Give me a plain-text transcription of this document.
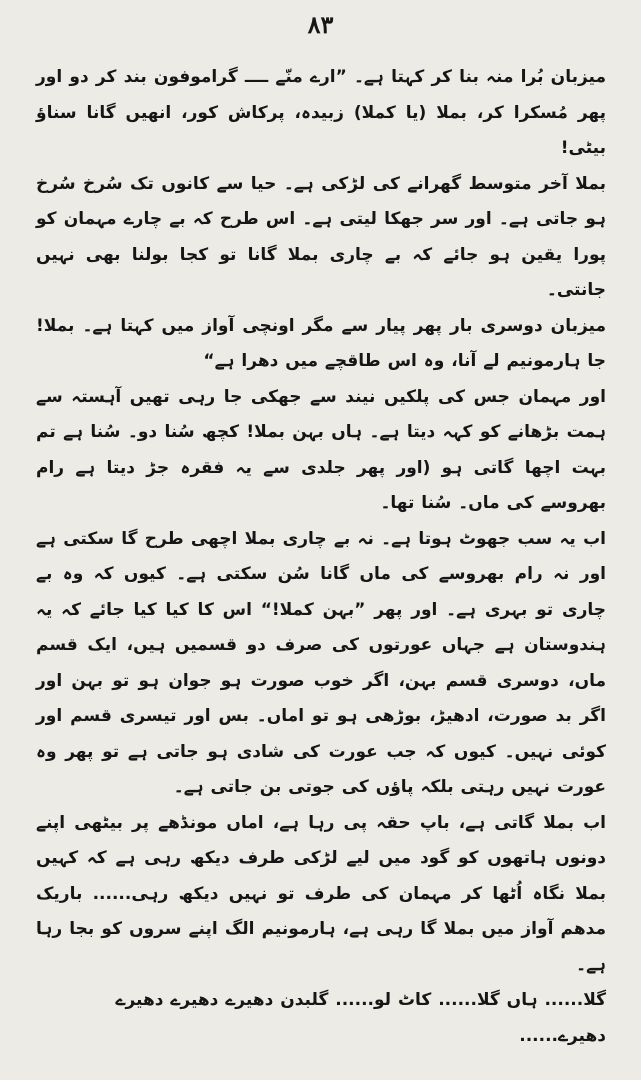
۸۳

میزبان بُرا منہ بنا کر کہتا ہے۔ ”ارے منّے ــــ گراموفون بند کر دو اور پھر مُسکرا کر، بملا (یا کملا) زبیدہ، پرکاش کور، انھیں گانا سناؤ بیٹی!

بملا آخر متوسط گھرانے کی لڑکی ہے۔ حیا سے کانوں تک سُرخ سُرخ ہو جاتی ہے۔ اور سر جھکا لیتی ہے۔ اس طرح کہ بے چارے مہمان کو پورا یقین ہو جائے کہ بے چاری بملا گانا تو کجا بولنا بھی نہیں جانتی۔

میزبان دوسری بار پھر پیار سے مگر اونچی آواز میں کہتا ہے۔ بملا! جا ہارمونیم لے آنا، وہ اس طاقچے میں دھرا ہے“

اور مہمان جس کی پلکیں نیند سے جھکی جا رہی تھیں آہستہ سے ہمت بڑھانے کو کہہ دیتا ہے۔ ہاں بہن بملا! کچھ سُنا دو۔ سُنا ہے تم بہت اچھا گاتی ہو (اور پھر جلدی سے یہ فقرہ جڑ دیتا ہے رام بھروسے کی ماں۔ سُنا تھا۔

اب یہ سب جھوٹ ہوتا ہے۔ نہ بے چاری بملا اچھی طرح گا سکتی ہے اور نہ رام بھروسے کی ماں گانا سُن سکتی ہے۔ کیوں کہ وہ بے چاری تو بہری ہے۔ اور پھر ”بہن کملا!“ اس کا کیا کیا جائے کہ یہ ہندوستان ہے جہاں عورتوں کی صرف دو قسمیں ہیں، ایک قسم ماں، دوسری قسم بہن، اگر خوب صورت ہو جوان ہو تو بہن اور اگر بد صورت، ادھیڑ، بوڑھی ہو تو اماں۔ بس اور تیسری قسم اور کوئی نہیں۔ کیوں کہ جب عورت کی شادی ہو جاتی ہے تو پھر وہ عورت نہیں رہتی بلکہ پاؤں کی جوتی بن جاتی ہے۔

اب بملا گاتی ہے، باپ حقہ پی رہا ہے، اماں مونڈھے پر بیٹھی اپنے دونوں ہاتھوں کو گود میں لیے لڑکی طرف دیکھ رہی ہے کہ کہیں بملا نگاہ اُٹھا کر مہمان کی طرف تو نہیں دیکھ رہی...... باریک مدھم آواز میں بملا گا رہی ہے، ہارمونیم الگ اپنے سروں کو بجا رہا ہے۔

گلا...... ہاں گلا...... کاٹ لو...... گلبدن دھیرے دھیرے دھیرے دھیرے......
